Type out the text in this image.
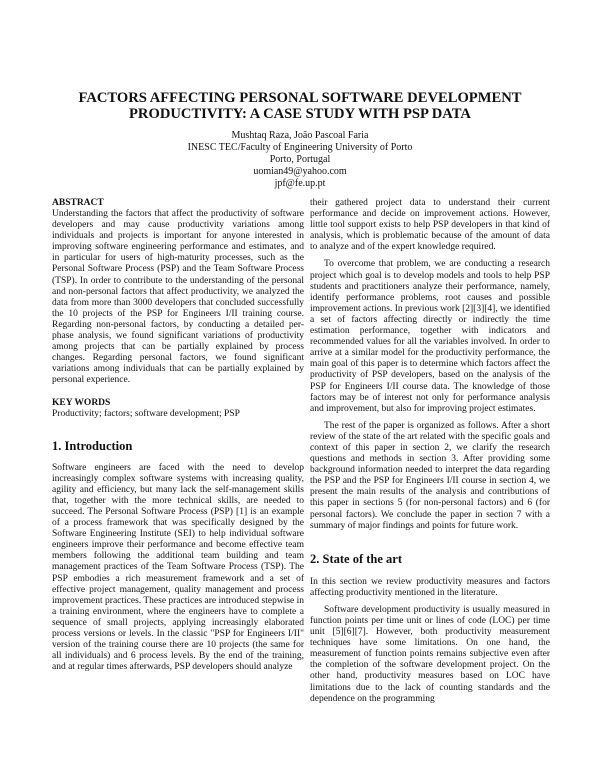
FACTORS AFFECTING PERSONAL SOFTWARE DEVELOPMENT
PRODUCTIVITY: A CASE STUDY WITH PSP DATA
Mushtaq Raza, João Pascoal Faria
INESC TEC/Faculty of Engineering University of Porto
Porto, Portugal
uomian49@yahoo.com
jpf@fe.up.pt
ABSTRACT

Understanding the factors that affect the productivity of software developers and may cause productivity variations among individuals and projects is important for anyone interested in improving software engineering performance and estimates, and in particular for users of high-maturity processes, such as the Personal Software Process (PSP) and the Team Software Process (TSP). In order to contribute to the understanding of the personal and non-personal factors that affect productivity, we analyzed the data from more than 3000 developers that concluded successfully the 10 projects of the PSP for Engineers I/II training course. Regarding non-personal factors, by conducting a detailed per-phase analysis, we found significant variations of productivity among projects that can be partially explained by process changes. Regarding personal factors, we found significant variations among individuals that can be partially explained by personal experience.

KEY WORDS

Productivity; factors; software development; PSP

1. Introduction

Software engineers are faced with the need to develop increasingly complex software systems with increasing quality, agility and efficiency, but many lack the self-management skills that, together with the more technical skills, are needed to succeed. The Personal Software Process (PSP) [1] is an example of a process framework that was specifically designed by the Software Engineering Institute (SEI) to help individual software engineers improve their performance and become effective team members following the additional team building and team management practices of the Team Software Process (TSP). The PSP embodies a rich measurement framework and a set of effective project management, quality management and process improvement practices. These practices are introduced stepwise in a training environment, where the engineers have to complete a sequence of small projects, applying increasingly elaborated process versions or levels. In the classic "PSP for Engineers I/II" version of the training course there are 10 projects (the same for all individuals) and 6 process levels. By the end of the training, and at regular times afterwards, PSP developers should analyze

their gathered project data to understand their current performance and decide on improvement actions. However, little tool support exists to help PSP developers in that kind of analysis, which is problematic because of the amount of data to analyze and of the expert knowledge required.

To overcome that problem, we are conducting a research project which goal is to develop models and tools to help PSP students and practitioners analyze their performance, namely, identify performance problems, root causes and possible improvement actions. In previous work [2][3][4], we identified a set of factors affecting directly or indirectly the time estimation performance, together with indicators and recommended values for all the variables involved. In order to arrive at a similar model for the productivity performance, the main goal of this paper is to determine which factors affect the productivity of PSP developers, based on the analysis of the PSP for Engineers I/II course data. The knowledge of those factors may be of interest not only for performance analysis and improvement, but also for improving project estimates.

The rest of the paper is organized as follows. After a short review of the state of the art related with the specific goals and context of this paper in section 2, we clarify the research questions and methods in section 3. After providing some background information needed to interpret the data regarding the PSP and the PSP for Engineers I/II course in section 4, we present the main results of the analysis and contributions of this paper in sections 5 (for non-personal factors) and 6 (for personal factors). We conclude the paper in section 7 with a summary of major findings and points for future work.

2. State of the art

In this section we review productivity measures and factors affecting productivity mentioned in the literature.

Software development productivity is usually measured in function points per time unit or lines of code (LOC) per time unit [5][6][7]. However, both productivity measurement techniques have some limitations. On one hand, the measurement of function points remains subjective even after the completion of the software development project. On the other hand, productivity measures based on LOC have limitations due to the lack of counting standards and the dependence on the programming
